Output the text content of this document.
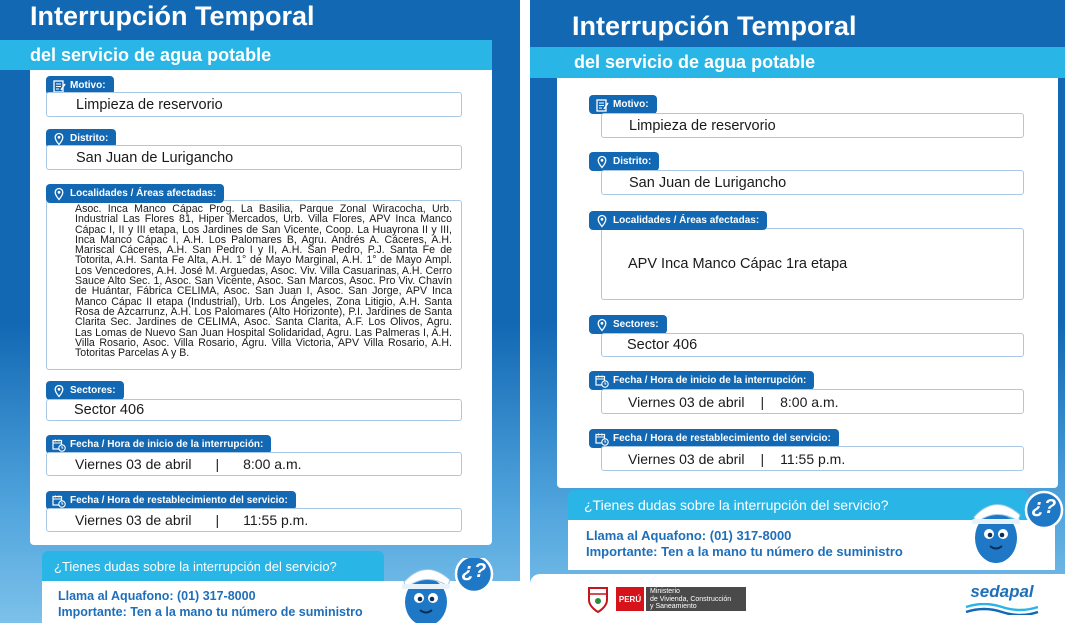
Interrupción Temporal
del servicio de agua potable
Motivo:
Limpieza de reservorio
Distrito:
San Juan de Lurigancho
Localidades / Áreas afectadas:
Asoc. Inca Manco Cápac Prog. La Basilia, Parque Zonal Wiracocha, Urb. Industrial Las Flores 81, Hiper Mercados, Urb. Villa Flores, APV Inca Manco Cápac I, II y III etapa, Los Jardines de San Vicente, Coop. La Huayrona II y III, Inca Manco Cápac I, A.H. Los Palomares B, Agru. Andrés A. Cáceres, A.H. Mariscal Cáceres, A.H. San Pedro I y II, A.H. San Pedro, P.J. Santa Fe de Totorita, A.H. Santa Fe Alta, A.H. 1° de Mayo Marginal, A.H. 1° de Mayo Ampl. Los Vencedores, A.H. José M. Arguedas, Asoc. Viv. Villa Casuarinas, A.H. Cerro Sauce Alto Sec. 1, Asoc. San Vicente, Asoc. San Marcos, Asoc. Pro Viv. Chavín de Huántar, Fábrica CELIMA, Asoc. San Juan I, Asoc. San Jorge, APV Inca Manco Cápac II etapa (Industrial), Urb. Los Ángeles, Zona Litigio, A.H. Santa Rosa de Azcarrunz, A.H. Los Palomares (Alto Horizonte), P.I. Jardines de Santa Clarita Sec. Jardines de CELIMA, Asoc. Santa Clarita, A.F. Los Olivos, Agru. Las Lomas de Nuevo San Juan Hospital Solidaridad, Agru. Las Palmeras I, A.H. Villa Rosario, Asoc. Villa Rosario, Agru. Villa Victoria, APV Villa Rosario, A.H. Totoritas Parcelas A y B.
Sectores:
Sector 406
Fecha / Hora de inicio de la interrupción:
Viernes 03 de abril | 8:00 a.m.
Fecha / Hora de restablecimiento del servicio:
Viernes 03 de abril | 11:55 p.m.
¿Tienes dudas sobre la interrupción del servicio?
Llama al Aquafono: (01) 317-8000
Importante: Ten a la mano tu número de suministro
¿?
Interrupción Temporal
del servicio de agua potable
Motivo:
Limpieza de reservorio
Distrito:
San Juan de Lurigancho
Localidades / Áreas afectadas:
APV Inca Manco Cápac 1ra etapa
Sectores:
Sector 406
Fecha / Hora de inicio de la interrupción:
Viernes 03 de abril | 8:00 a.m.
Fecha / Hora de restablecimiento del servicio:
Viernes 03 de abril | 11:55 p.m.
¿Tienes dudas sobre la interrupción del servicio?
Llama al Aquafono: (01) 317-8000
Importante: Ten a la mano tu número de suministro
¿?
PERÚ
Ministerio
de Vivienda, Construcción
y Saneamiento
sedapal
